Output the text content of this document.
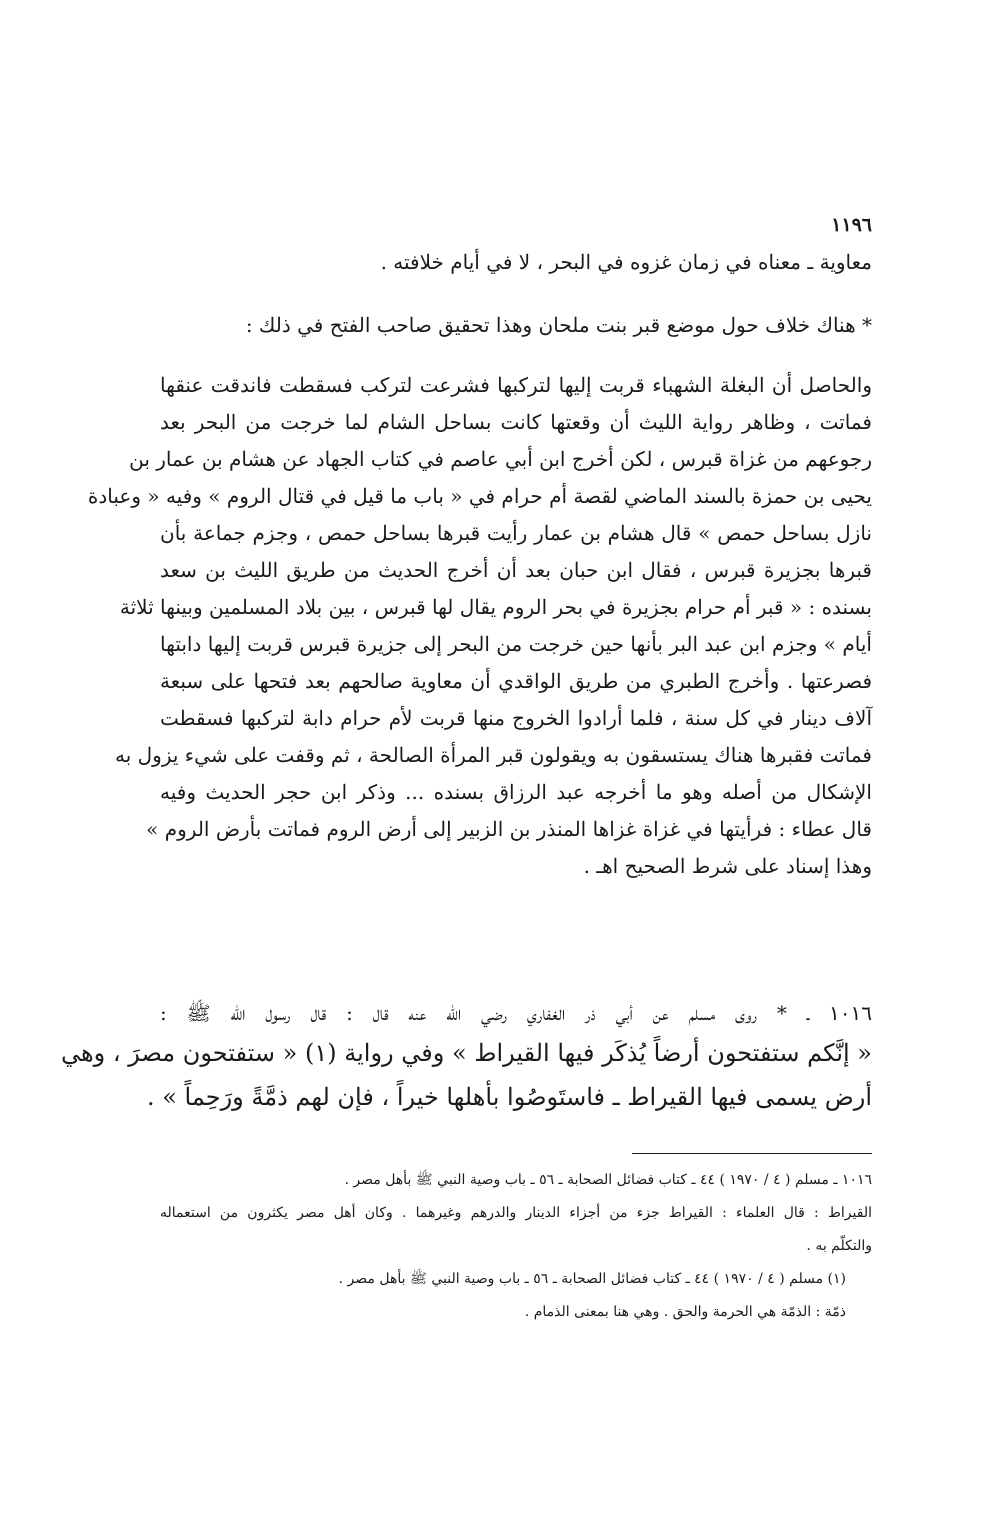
١١٩٦
معاوية ـ معناه في زمان غزوه في البحر ، لا في أيام خلافته .
* هناك خلاف حول موضع قبر بنت ملحان وهذا تحقيق صاحب الفتح في ذلك :
والحاصل أن البغلة الشهباء قربت إليها لتركبها فشرعت لتركب فسقطت فاندقت عنقها
فماتت ، وظاهر رواية الليث أن وقعتها كانت بساحل الشام لما خرجت من البحر بعد
رجوعهم من غزاة قبرس ، لكن أخرج ابن أبي عاصم في كتاب الجهاد عن هشام بن عمار بن
يحيى بن حمزة بالسند الماضي لقصة أم حرام في « باب ما قيل في قتال الروم » وفيه « وعبادة
نازل بساحل حمص » قال هشام بن عمار رأيت قبرها بساحل حمص ، وجزم جماعة بأن
قبرها بجزيرة قبرس ، فقال ابن حبان بعد أن أخرج الحديث من طريق الليث بن سعد
بسنده : « قبر أم حرام بجزيرة في بحر الروم يقال لها قبرس ، بين بلاد المسلمين وبينها ثلاثة
أيام » وجزم ابن عبد البر بأنها حين خرجت من البحر إلى جزيرة قبرس قربت إليها دابتها
فصرعتها . وأخرج الطبري من طريق الواقدي أن معاوية صالحهم بعد فتحها على سبعة
آلاف دينار في كل سنة ، فلما أرادوا الخروج منها قربت لأم حرام دابة لتركبها فسقطت
فماتت فقبرها هناك يستسقون به ويقولون قبر المرأة الصالحة ، ثم وقفت على شيء يزول به
الإشكال من أصله وهو ما أخرجه عبد الرزاق بسنده ... وذكر ابن حجر الحديث وفيه
قال عطاء : فرأيتها في غزاة غزاها المنذر بن الزبير إلى أرض الروم فماتت بأرض الروم »
وهذا إسناد على شرط الصحيح اهـ .
١٠١٦ ـ * روى مسلم عن أبي ذر الغفاري رضي الله عنه قال : قال رسول الله ﷺ :
« إنَّكم ستفتحون أرضاً يُذكَر فيها القيراط » وفي رواية (١) « ستفتحون مصرَ ، وهي
أرض يسمى فيها القيراط ـ فاستَوصُوا بأهلها خيراً ، فإن لهم ذمَّةً ورَحِماً » .
١٠١٦ ـ مسلم ( ٤ / ١٩٧٠ ) ٤٤ ـ كتاب فضائل الصحابة ـ ٥٦ ـ باب وصية النبي ﷺ بأهل مصر .
القيراط : قال العلماء : القيراط جزء من أجزاء الدينار والدرهم وغيرهما . وكان أهل مصر يكثرون من استعماله
والتكلّم به .
(١) مسلم ( ٤ / ١٩٧٠ ) ٤٤ ـ كتاب فضائل الصحابة ـ ٥٦ ـ باب وصية النبي ﷺ بأهل مصر .
ذمّة : الذمّة هي الحرمة والحق . وهي هنا بمعنى الذمام .
